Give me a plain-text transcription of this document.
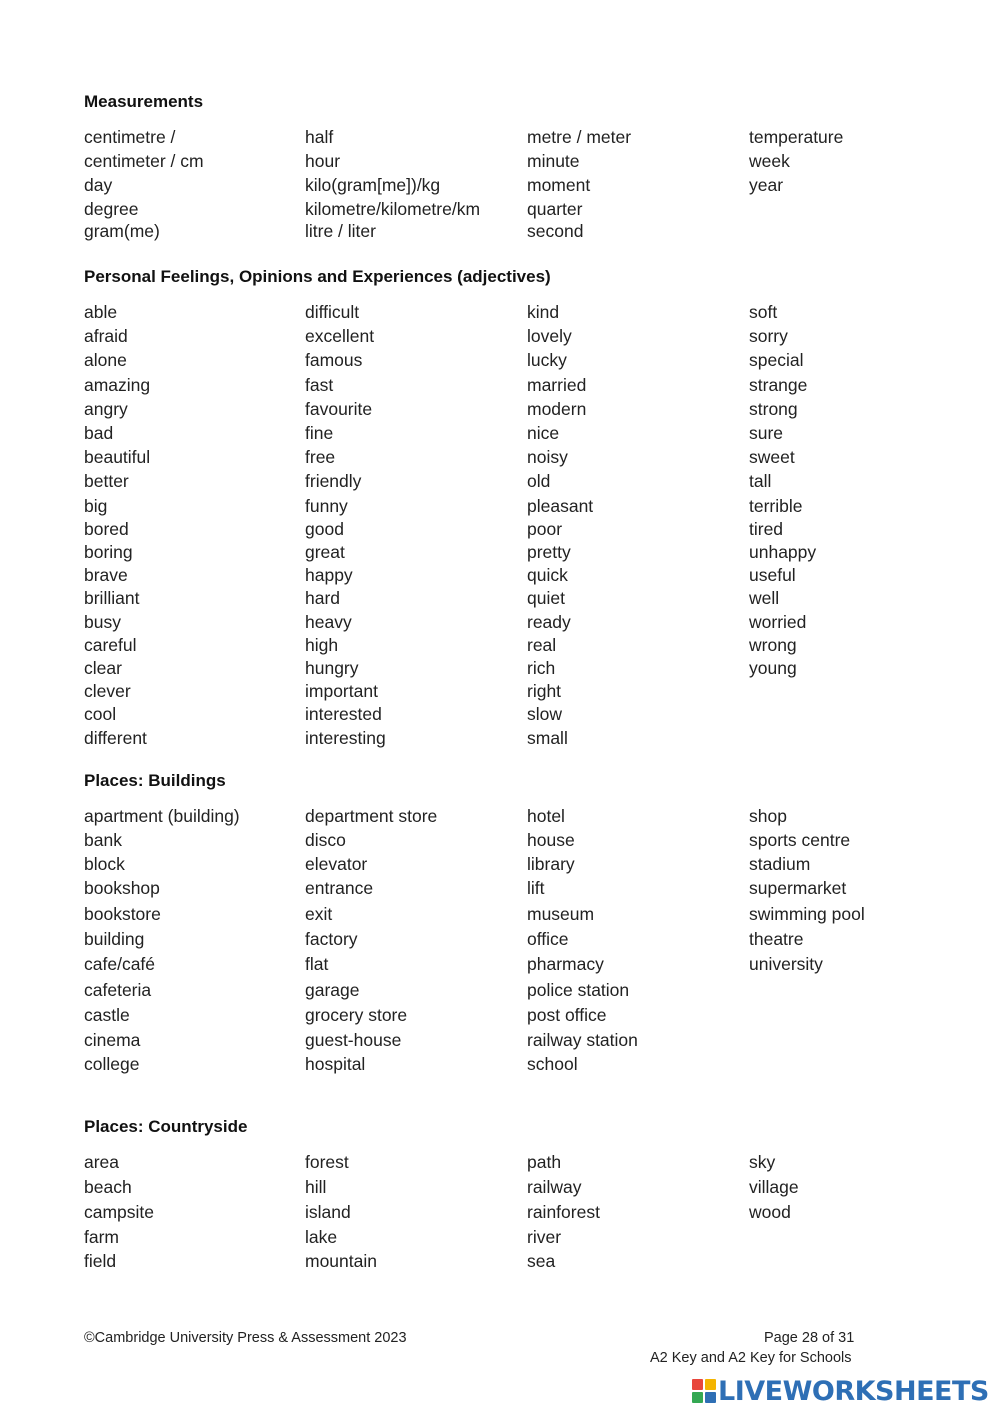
Measurements
Personal Feelings, Opinions and Experiences (adjectives)
Places: Buildings
Places: Countryside
centimetre /
centimeter / cm
day
degree
gram(me)
half
hour
kilo(gram[me])/kg
kilometre/kilometre/km
litre / liter
metre / meter
minute
moment
quarter
second
temperature
week
year
able
afraid
alone
amazing
angry
bad
beautiful
better
big
bored
boring
brave
brilliant
busy
careful
clear
clever
cool
different
difficult
excellent
famous
fast
favourite
fine
free
friendly
funny
good
great
happy
hard
heavy
high
hungry
important
interested
interesting
kind
lovely
lucky
married
modern
nice
noisy
old
pleasant
poor
pretty
quick
quiet
ready
real
rich
right
slow
small
soft
sorry
special
strange
strong
sure
sweet
tall
terrible
tired
unhappy
useful
well
worried
wrong
young
apartment (building)
bank
block
bookshop
bookstore
building
cafe/café
cafeteria
castle
cinema
college
department store
disco
elevator
entrance
exit
factory
flat
garage
grocery store
guest-house
hospital
hotel
house
library
lift
museum
office
pharmacy
police station
post office
railway station
school
shop
sports centre
stadium
supermarket
swimming pool
theatre
university
area
beach
campsite
farm
field
forest
hill
island
lake
mountain
path
railway
rainforest
river
sea
sky
village
wood
©Cambridge University Press & Assessment 2023	Page 28 of 31
A2 Key and A2 Key for Schools
LIVEWORKSHEETS
